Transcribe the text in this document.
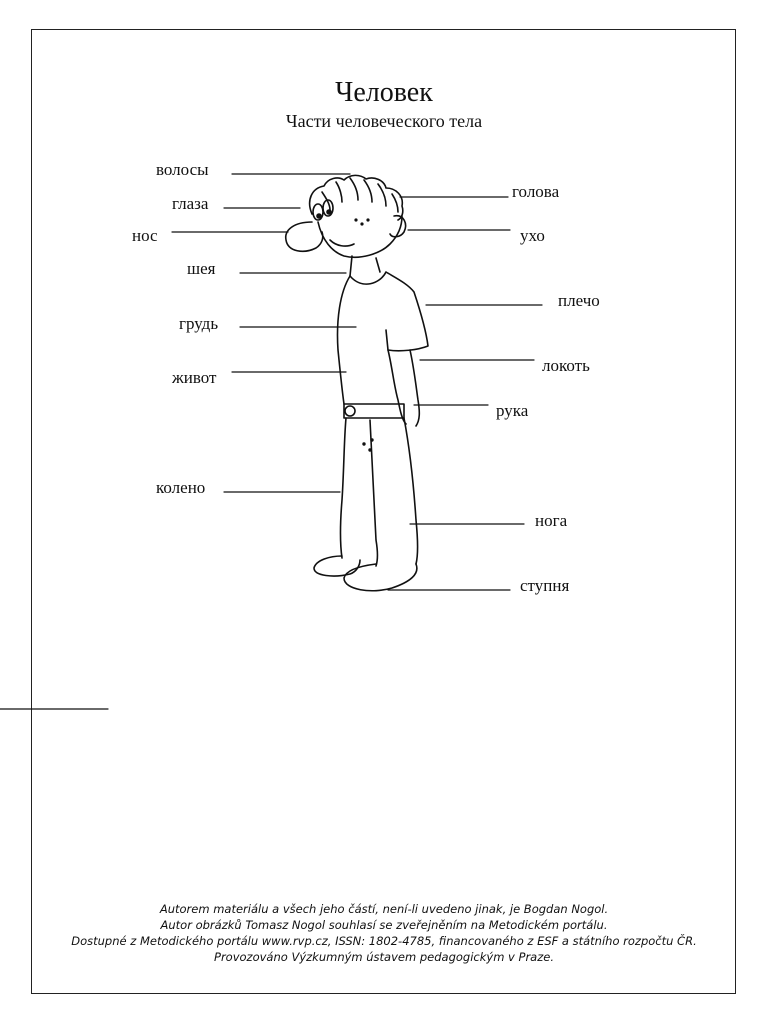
Человек
Части человеческого тела
волосы
глаза
нос
шея
грудь
живот
колено
голова
ухо
плечо
локоть
рука
нога
ступня
Autorem materiálu a všech jeho částí, není-li uvedeno jinak, je Bogdan Nogol.
Autor obrázků Tomasz Nogol souhlasí se zveřejněním na Metodickém portálu.
Dostupné z Metodického portálu www.rvp.cz, ISSN: 1802-4785, financovaného z ESF a státního rozpočtu ČR.
Provozováno Výzkumným ústavem pedagogickým v Praze.
